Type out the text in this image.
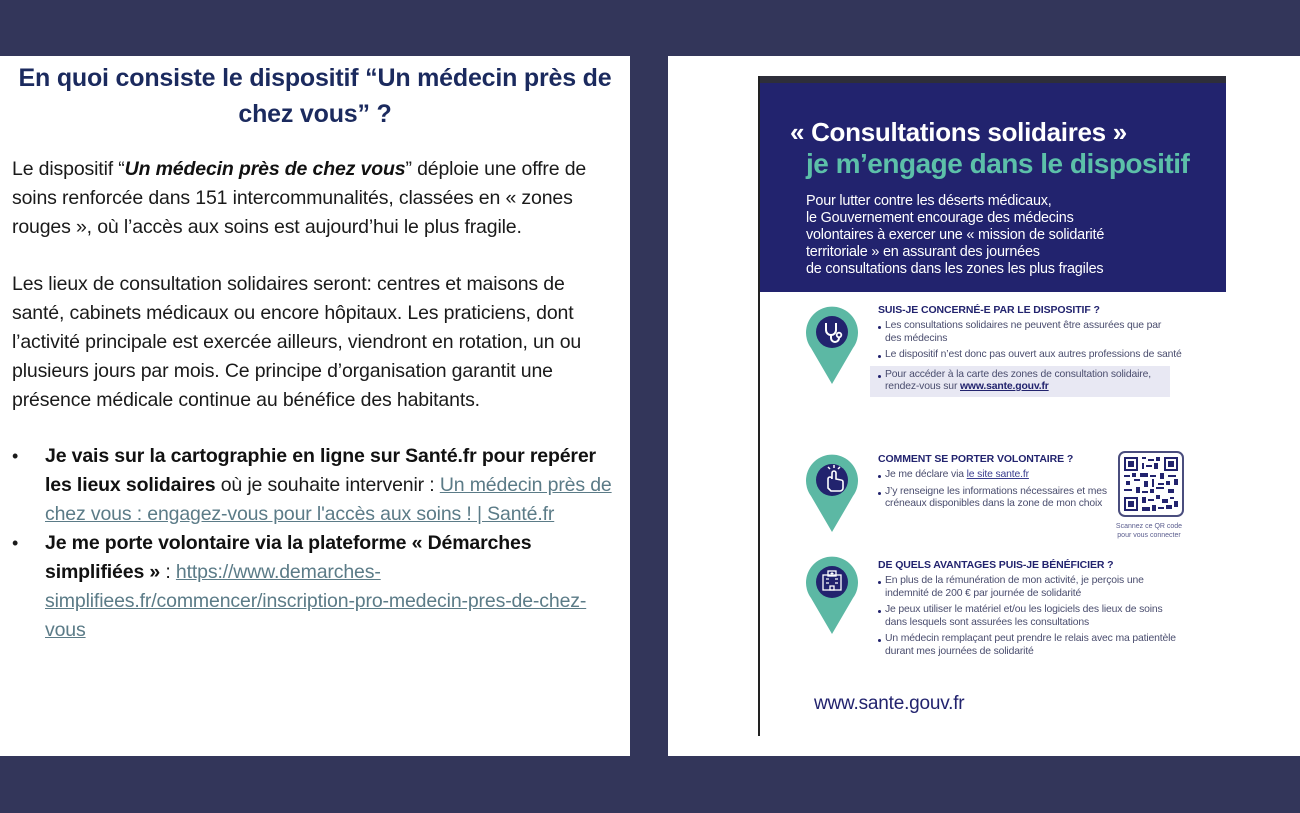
En quoi consiste le dispositif “Un médecin près de chez vous” ?

Le dispositif “Un médecin près de chez vous” déploie une offre de soins renforcée dans 151 intercommunalités, classées en « zones rouges », où l’accès aux soins est aujourd’hui le plus fragile.

Les lieux de consultation solidaires seront: centres et maisons de santé, cabinets médicaux ou encore hôpitaux. Les praticiens, dont l’activité principale est exercée ailleurs, viendront en rotation, un ou plusieurs jours par mois. Ce principe d’organisation garantit une présence médicale continue au bénéfice des habitants.

• Je vais sur la cartographie en ligne sur Santé.fr pour repérer les lieux solidaires où je souhaite intervenir : Un médecin près de chez vous : engagez-vous pour l'accès aux soins ! | Santé.fr
• Je me porte volontaire via la plateforme « Démarches simplifiées » : https://www.demarches-simplifiees.fr/commencer/inscription-pro-medecin-pres-de-chez-vous
« Consultations solidaires »
je m’engage dans le dispositif
Pour lutter contre les déserts médicaux,
le Gouvernement encourage des médecins
volontaires à exercer une « mission de solidarité
territoriale » en assurant des journées
de consultations dans les zones les plus fragiles
SUIS-JE CONCERNÉ-E PAR LE DISPOSITIF ?
Les consultations solidaires ne peuvent être assurées que par des médecins
Le dispositif n’est donc pas ouvert aux autres professions de santé
Pour accéder à la carte des zones de consultation solidaire, rendez-vous sur www.sante.gouv.fr
COMMENT SE PORTER VOLONTAIRE ?
Je me déclare via le site sante.fr
J’y renseigne les informations nécessaires et mes créneaux disponibles dans la zone de mon choix
Scannez ce QR code
pour vous connecter
DE QUELS AVANTAGES PUIS-JE BÉNÉFICIER ?
En plus de la rémunération de mon activité, je perçois une indemnité de 200 € par journée de solidarité
Je peux utiliser le matériel et/ou les logiciels des lieux de soins dans lesquels sont assurées les consultations
Un médecin remplaçant peut prendre le relais avec ma patientèle durant mes journées de solidarité
www.sante.gouv.fr
